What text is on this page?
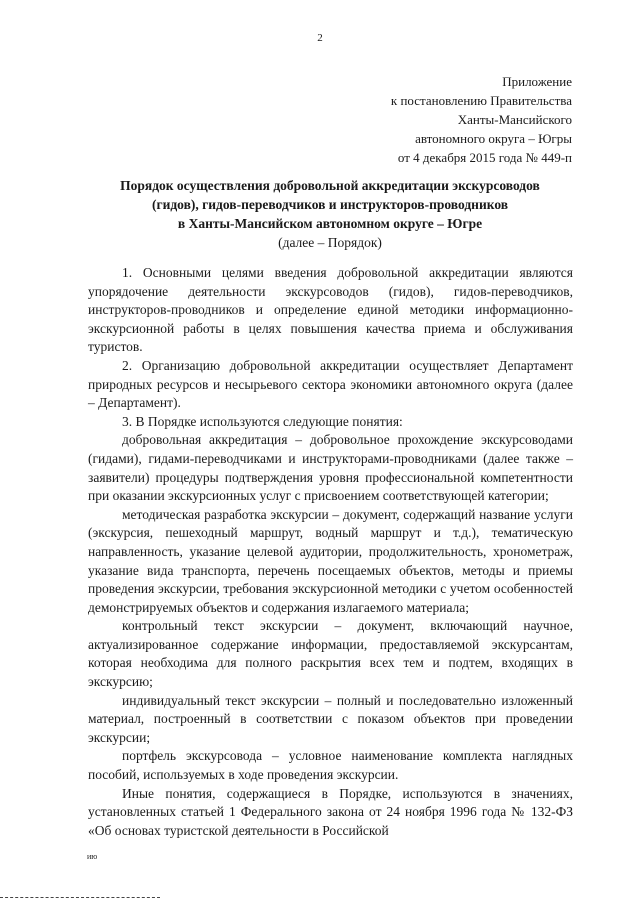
2
Приложение
к постановлению Правительства
Ханты-Мансийского
автономного округа – Югры
от 4 декабря 2015 года № 449-п
Порядок осуществления добровольной аккредитации экскурсоводов
(гидов), гидов-переводчиков и инструкторов-проводников
в Ханты-Мансийском автономном округе – Югре
(далее – Порядок)

1. Основными целями введения добровольной аккредитации являются упорядочение деятельности экскурсоводов (гидов), гидов-переводчиков, инструкторов-проводников и определение единой методики информационно-экскурсионной работы в целях повышения качества приема и обслуживания туристов.

2. Организацию добровольной аккредитации осуществляет Департамент природных ресурсов и несырьевого сектора экономики автономного округа (далее – Департамент).

3. В Порядке используются следующие понятия:

добровольная аккредитация – добровольное прохождение экскурсоводами (гидами), гидами-переводчиками и инструкторами-проводниками (далее также – заявители) процедуры подтверждения уровня профессиональной компетентности при оказании экскурсионных услуг с присвоением соответствующей категории;

методическая разработка экскурсии – документ, содержащий название услуги (экскурсия, пешеходный маршрут, водный маршрут и т.д.), тематическую направленность, указание целевой аудитории, продолжительность, хронометраж, указание вида транспорта, перечень посещаемых объектов, методы и приемы проведения экскурсии, требования экскурсионной методики с учетом особенностей демонстрируемых объектов и содержания излагаемого материала;

контрольный текст экскурсии – документ, включающий научное, актуализированное содержание информации, предоставляемой экскурсантам, которая необходима для полного раскрытия всех тем и подтем, входящих в экскурсию;

индивидуальный текст экскурсии – полный и последовательно изложенный материал, построенный в соответствии с показом объектов при проведении экскурсии;

портфель экскурсовода – условное наименование комплекта наглядных пособий, используемых в ходе проведения экскурсии.

Иные понятия, содержащиеся в Порядке, используются в значениях, установленных статьей 1 Федерального закона от 24 ноября 1996 года № 132-ФЗ «Об основах туристской деятельности в Российской

ию
